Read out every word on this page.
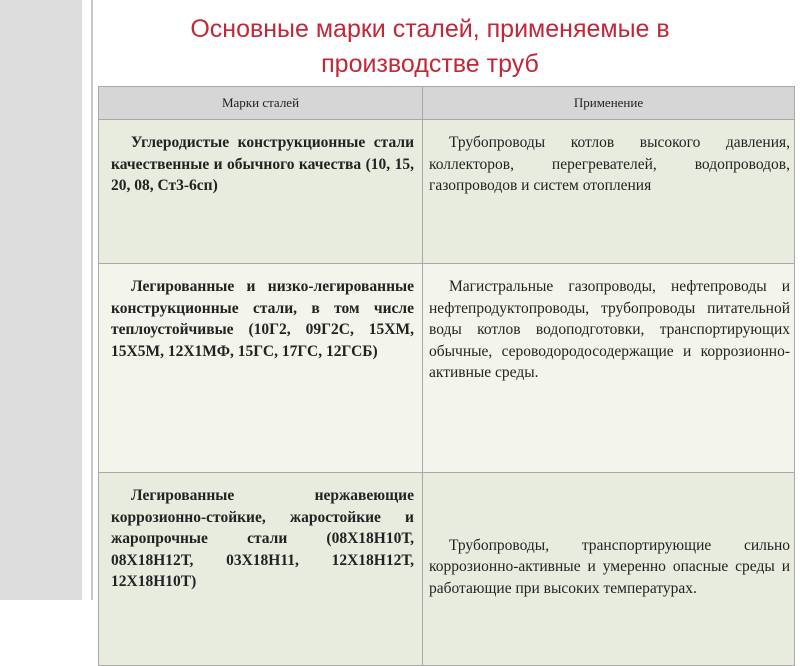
Основные марки сталей, применяемые в
производстве труб
Марки сталей	Применение
Углеродистые конструкционные стали качественные и обычного качества (10, 15, 20, 08, Ст3-6сп)	Трубопроводы котлов высокого давления, коллекторов, перегревателей, водопроводов, газопроводов и систем отопления
Легированные и низко-легированные конструкционные стали, в том числе теплоустойчивые (10Г2, 09Г2С, 15ХМ, 15Х5М, 12Х1МФ, 15ГС, 17ГС, 12ГСБ)	Магистральные газопроводы, нефтепроводы и нефтепродуктопроводы, трубопроводы питательной воды котлов водоподготовки, транспортирующих обычные, сероводородосодержащие и коррозионно-активные среды.
Легированные нержавеющие коррозионно-стойкие, жаростойкие и жаропрочные стали (08Х18Н10Т, 08Х18Н12Т, 03Х18Н11, 12Х18Н12Т, 12Х18Н10Т)	Трубопроводы, транспортирующие сильно коррозионно-активные и умеренно опасные среды и работающие при высоких температурах.
